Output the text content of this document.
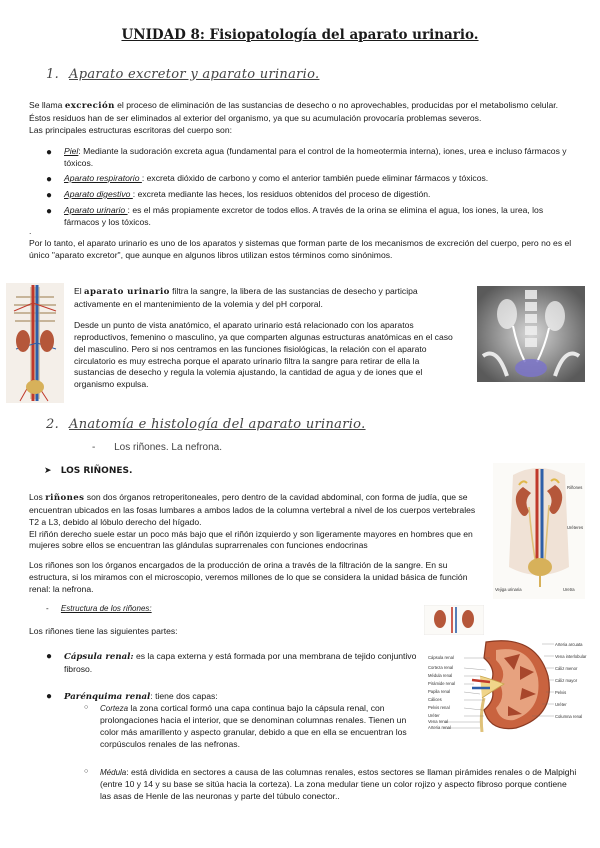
UNIDAD 8: Fisiopatología del aparato urinario.
1. Aparato excretor y aparato urinario.

Se llama excreción el proceso de eliminación de las sustancias de desecho o no aprovechables, producidas por el metabolismo celular. Éstos residuos han de ser eliminados al exterior del organismo, ya que su acumulación provocaría problemas severos.
Las principales estructuras escritoras del cuerpo son:

● Piel: Mediante la sudoración excreta agua (fundamental para el control de la homeotermia interna), iones, urea e incluso fármacos y tóxicos.
● Aparato respiratorio : excreta dióxido de carbono y como el anterior también puede eliminar fármacos y tóxicos.
● Aparato digestivo : excreta mediante las heces, los residuos obtenidos del proceso de digestión.
● Aparato urinario : es el más propiamente excretor de todos ellos. A través de la orina se elimina el agua, los iones, la urea, los fármacos y los tóxicos.
.

Por lo tanto, el aparato urinario es uno de los aparatos y sistemas que forman parte de los mecanismos de excreción del cuerpo, pero no es el único "aparato excretor", que aunque en algunos libros utilizan estos términos como sinónimos.

El aparato urinario filtra la sangre, la libera de las sustancias de desecho y participa activamente en el mantenimiento de la volemia y del pH corporal.

Desde un punto de vista anatómico, el aparato urinario está relacionado con los aparatos reproductivos, femenino o masculino, ya que comparten algunas estructuras anatómicas en el caso del masculino. Pero si nos centramos en las funciones fisiológicas, la relación con el aparato circulatorio es muy estrecha porque el aparato urinario filtra la sangre para retirar de ella la sustancias de desecho y regula la volemia ajustando, la cantidad de agua y de iones que el organismo expulsa.

2. Anatomía e histología del aparato urinario.
- Los riñones. La nefrona.
➤ LOS RIÑONES.
Riñones
Uréteres
Vejiga urinaria	Uretra

Los riñones son dos órganos retroperitoneales, pero dentro de la cavidad abdominal, con forma de judía, que se encuentran ubicados en las fosas lumbares a ambos lados de la columna vertebral a nivel de los cuerpos vertebrales T2 a L3, debido al lóbulo derecho del hígado.
El riñón derecho suele estar un poco más bajo que el riñón izquierdo y son ligeramente mayores en hombres que en mujeres sobre ellos se encuentran las glándulas suprarrenales con funciones endocrinas

Los riñones son los órganos encargados de la producción de orina a través de la filtración de la sangre. En su estructura, si los miramos con el microscopio, veremos millones de lo que se considera la unidad básica de función renal: la nefrona.

- Estructura de los riñones:
Los riñones tiene las siguientes partes:
Cápsula renal
Corteza renal
Médula renal
Pirámide renal
Papila renal
Cálices
Pelvis renal
Uréter
Vena renal
Arteria renal
Arteria arcuata
Vena interlobular
Cáliz menor
Cáliz mayor
Pelvis
Uréter
Columna renal
● Cápsula renal: es la capa externa y está formada por una membrana de tejido conjuntivo fibroso.
● Parénquima renal: tiene dos capas:
○ Corteza la zona cortical formó una capa continua bajo la cápsula renal, con prolongaciones hacia el interior, que se denominan columnas renales. Tienen un color más amarillento y aspecto granular, debido a que en ella se encuentran los corpúsculos renales de las nefronas.
○ Médula: está dividida en sectores a causa de las columnas renales, estos sectores se llaman pirámides renales o de Malpighi (entre 10 y 14 y su base se sitúa hacia la corteza). La zona medular tiene un color rojizo y aspecto fibroso porque contiene las asas de Henle de las neuronas y parte del túbulo conector..
